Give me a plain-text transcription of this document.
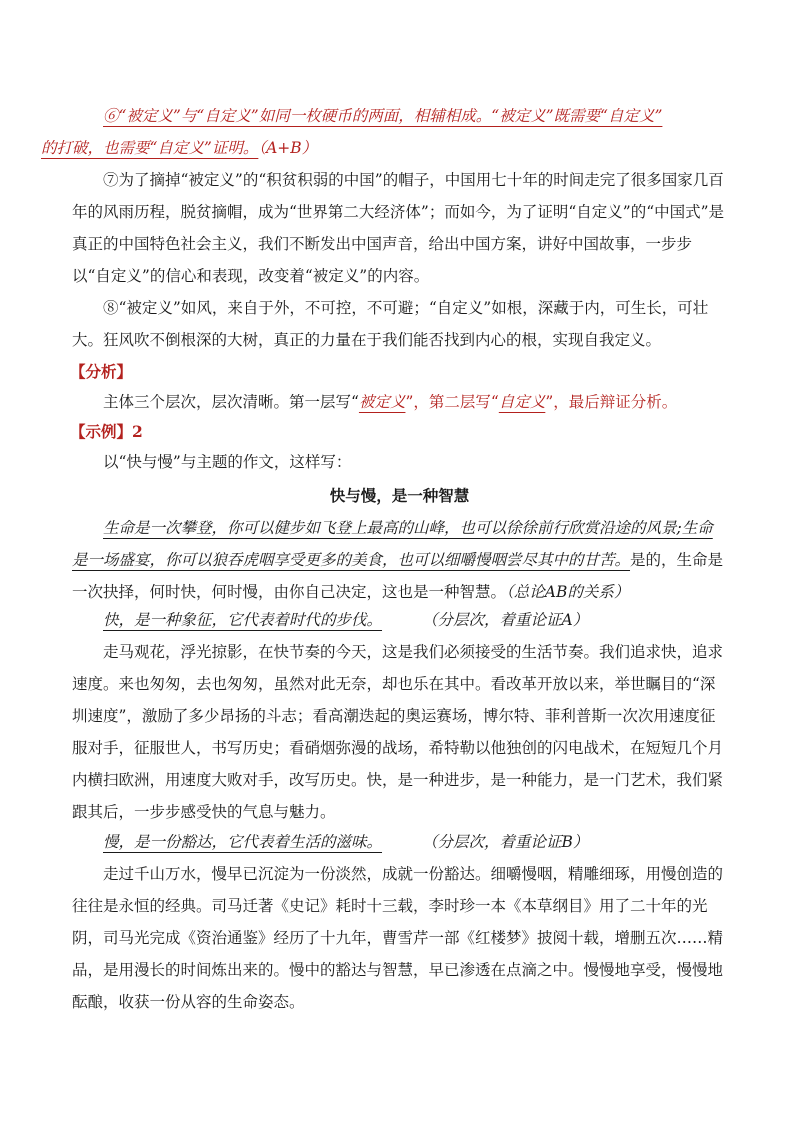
⑥“被定义”与“自定义”如同一枚硬币的两面，相辅相成。“被定义”既需要“自定义”
的打破，也需要“自定义”证明。（A+B）

⑦为了摘掉“被定义”的“积贫积弱的中国”的帽子，中国用七十年的时间走完了很多国家几百年的风雨历程，脱贫摘帽，成为“世界第二大经济体”；而如今，为了证明“自定义”的“中国式”是真正的中国特色社会主义，我们不断发出中国声音，给出中国方案，讲好中国故事，一步步以“自定义”的信心和表现，改变着“被定义”的内容。

⑧“被定义”如风，来自于外，不可控，不可避；“自定义”如根，深藏于内，可生长，可壮大。狂风吹不倒根深的大树，真正的力量在于我们能否找到内心的根，实现自我定义。

【分析】

主体三个层次，层次清晰。第一层写“被定义”，第二层写“自定义”，最后辩证分析。

【示例】2

以“快与慢”与主题的作文，这样写：

快与慢，是一种智慧

生命是一次攀登，你可以健步如飞登上最高的山峰，也可以徐徐前行欣赏沿途的风景;生命是一场盛宴，你可以狼吞虎咽享受更多的美食，也可以细嚼慢咽尝尽其中的甘苦。是的，生命是一次抉择，何时快，何时慢，由你自己决定，这也是一种智慧。（总论AB的关系）

快，是一种象征，它代表着时代的步伐。	（分层次，着重论证A）

走马观花，浮光掠影，在快节奏的今天，这是我们必须接受的生活节奏。我们追求快，追求速度。来也匆匆，去也匆匆，虽然对此无奈，却也乐在其中。看改革开放以来，举世瞩目的“深圳速度”，激励了多少昂扬的斗志；看高潮迭起的奥运赛场，博尔特、菲利普斯一次次用速度征服对手，征服世人，书写历史；看硝烟弥漫的战场，希特勒以他独创的闪电战术，在短短几个月内横扫欧洲，用速度大败对手，改写历史。快，是一种进步，是一种能力，是一门艺术，我们紧跟其后，一步步感受快的气息与魅力。

慢，是一份豁达，它代表着生活的滋味。	（分层次，着重论证B）

走过千山万水，慢早已沉淀为一份淡然，成就一份豁达。细嚼慢咽，精雕细琢，用慢创造的往往是永恒的经典。司马迁著《史记》耗时十三载，李时珍一本《本草纲目》用了二十年的光阴，司马光完成《资治通鉴》经历了十九年，曹雪芹一部《红楼梦》披阅十载，增删五次……精品，是用漫长的时间炼出来的。慢中的豁达与智慧，早已渗透在点滴之中。慢慢地享受，慢慢地酝酿，收获一份从容的生命姿态。
